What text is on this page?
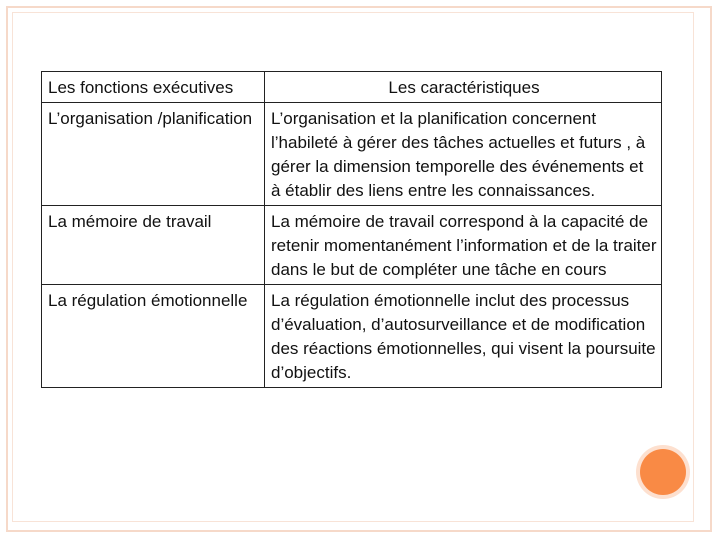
Les fonctions exécutives	Les caractéristiques
L’organisation /planification	L’organisation et la planification concernent l’habileté à gérer des tâches actuelles et futurs , à gérer la dimension temporelle des événements et à établir des liens entre les connaissances.
La mémoire de travail	La mémoire de travail correspond à la capacité de retenir momentanément l’information et de la traiter dans le but de compléter une tâche en cours
La régulation émotionnelle	La régulation émotionnelle inclut des processus d’évaluation, d’autosurveillance et de modification des réactions émotionnelles, qui visent la poursuite d’objectifs.
